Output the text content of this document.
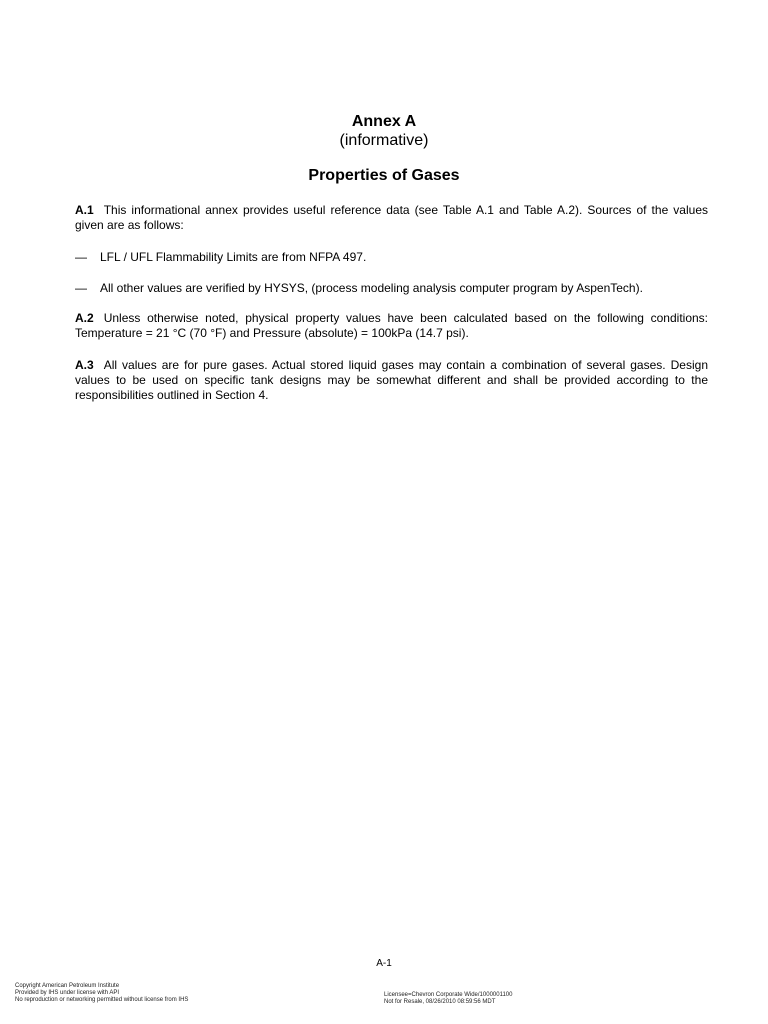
Annex A
(informative)
Properties of Gases
A.1 This informational annex provides useful reference data (see Table A.1 and Table A.2). Sources of the values given are as follows:
— LFL / UFL Flammability Limits are from NFPA 497.
— All other values are verified by HYSYS, (process modeling analysis computer program by AspenTech).
A.2 Unless otherwise noted, physical property values have been calculated based on the following conditions: Temperature = 21 °C (70 °F) and Pressure (absolute) = 100kPa (14.7 psi).
A.3 All values are for pure gases. Actual stored liquid gases may contain a combination of several gases. Design values to be used on specific tank designs may be somewhat different and shall be provided according to the responsibilities outlined in Section 4.
A-1
Copyright American Petroleum Institute
Provided by IHS under license with API
No reproduction or networking permitted without license from IHS
Licensee=Chevron Corporate Wide/1000001100
Not for Resale, 08/26/2010 08:59:56 MDT
